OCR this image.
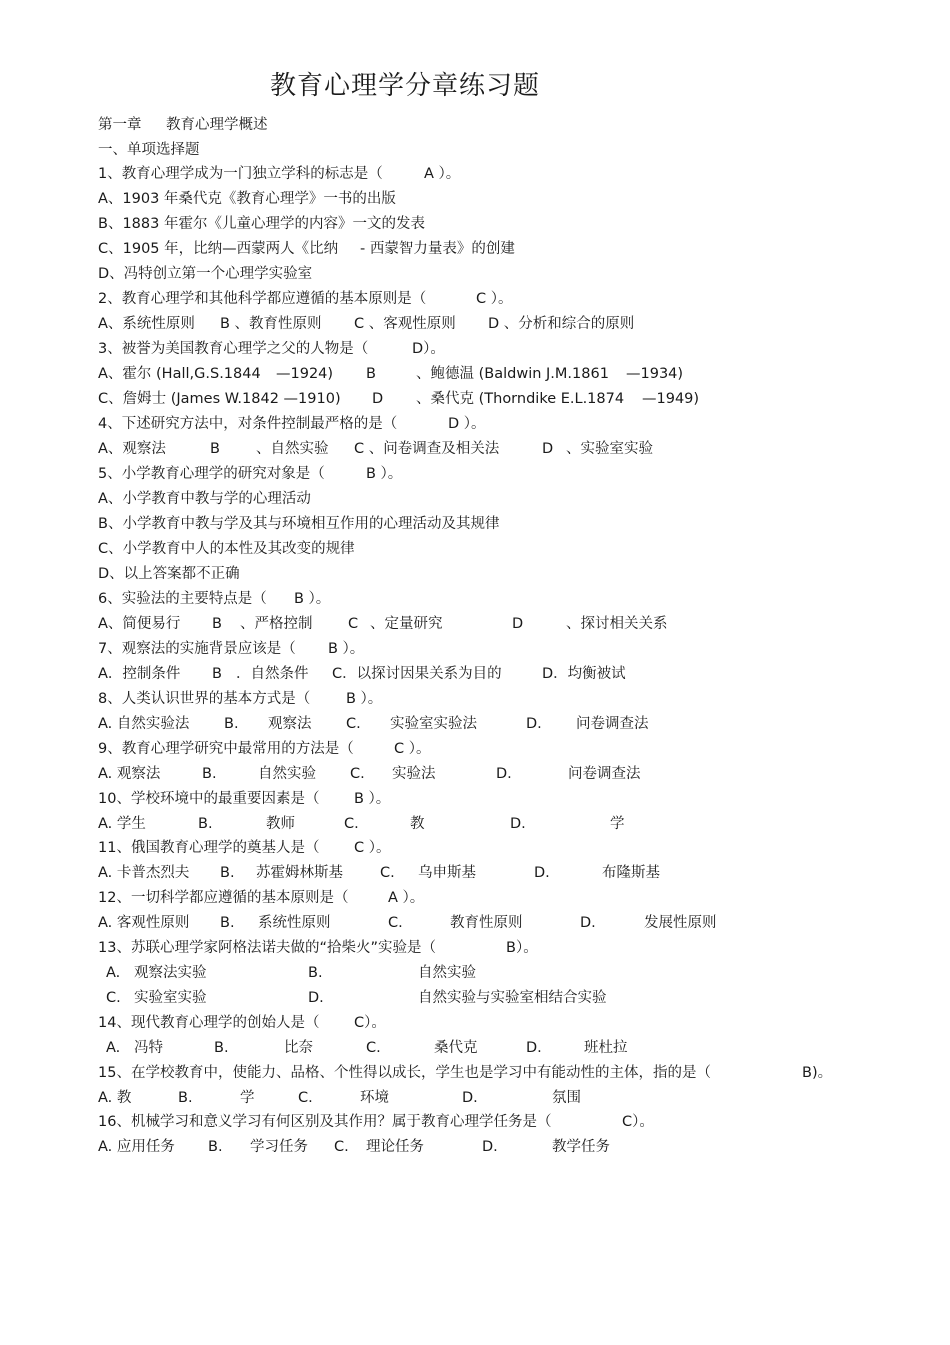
教育心理学分章练习题
第一章 教育心理学概述
一、单项选择题
1、教育心理学成为一门独立学科的标志是（	A ）。
A、1903 年桑代克《教育心理学》一书的出版
B、1883 年霍尔《儿童心理学的内容》一文的发表
C、1905 年，比纳—西蒙两人《比纳 - 西蒙智力量表》的创建
D、冯特创立第一个心理学实验室
2、教育心理学和其他科学都应遵循的基本原则是（	C ）。
A、系统性原则 B 、教育性原则 C 、客观性原则 D 、分析和综合的原则
3、被誉为美国教育心理学之父的人物是（	D）。
A、霍尔 (Hall,G.S.1844 —1924) B	、鲍德温 (Baldwin J.M.1861 —1934)
C、詹姆士 (James W.1842 —1910) D 、桑代克 (Thorndike E.L.1874 —1949)
4、下述研究方法中，对条件控制最严格的是（	D ）。
A、观察法	B 、自然实验 C 、问卷调查及相关法	D 、实验室实验
5、小学教育心理学的研究对象是（	B ）。
A、小学教育中教与学的心理活动
B、小学教育中教与学及其与环境相互作用的心理活动及其规律
C、小学教育中人的本性及其改变的规律
D、以上答案都不正确
6、实验法的主要特点是（ B ）。
A、简便易行 B 、严格控制 C 、定量研究	D	、探讨相关关系
7、观察法的实施背景应该是（ B ）。
A．控制条件 B ．自然条件 C．以探讨因果关系为目的	D．均衡被试
8、人类认识世界的基本方式是（ B ）。
A. 自然实验法 B. 观察法 C. 实验室实验法	D. 问卷调查法
9、教育心理学研究中最常用的方法是（	C ）。
A. 观察法	B.	自然实验 C. 实验法	D.	问卷调查法
10、学校环境中的最重要因素是（ B ）。
A. 学生	B.	教师	C.	教	D.	学
11、俄国教育心理学的奠基人是（ C ）。
A. 卡普杰烈夫 B. 苏霍姆林斯基	C. 乌申斯基	D.	布隆斯基
12、一切科学都应遵循的基本原则是（	A ）。
A. 客观性原则 B. 系统性原则	C.	教育性原则	D.	发展性原则
13、苏联心理学家阿格法诺夫做的“拾柴火”实验是（	B）。
A. 观察法实验	B.	自然实验
C. 实验室实验	D.	自然实验与实验室相结合实验
14、现代教育心理学的创始人是（ C）。
A. 冯特	B.	比奈	C.	桑代克	D.	班杜拉
15、在学校教育中，使能力、品格、个性得以成长，学生也是学习中有能动性的主体，指的是（	B)。
A. 教	B.	学	C.	环境	D.	氛围
16、机械学习和意义学习有何区别及其作用？属于教育心理学任务是（	C）。
A. 应用任务 B. 学习任务 C. 理论任务	D.	教学任务
